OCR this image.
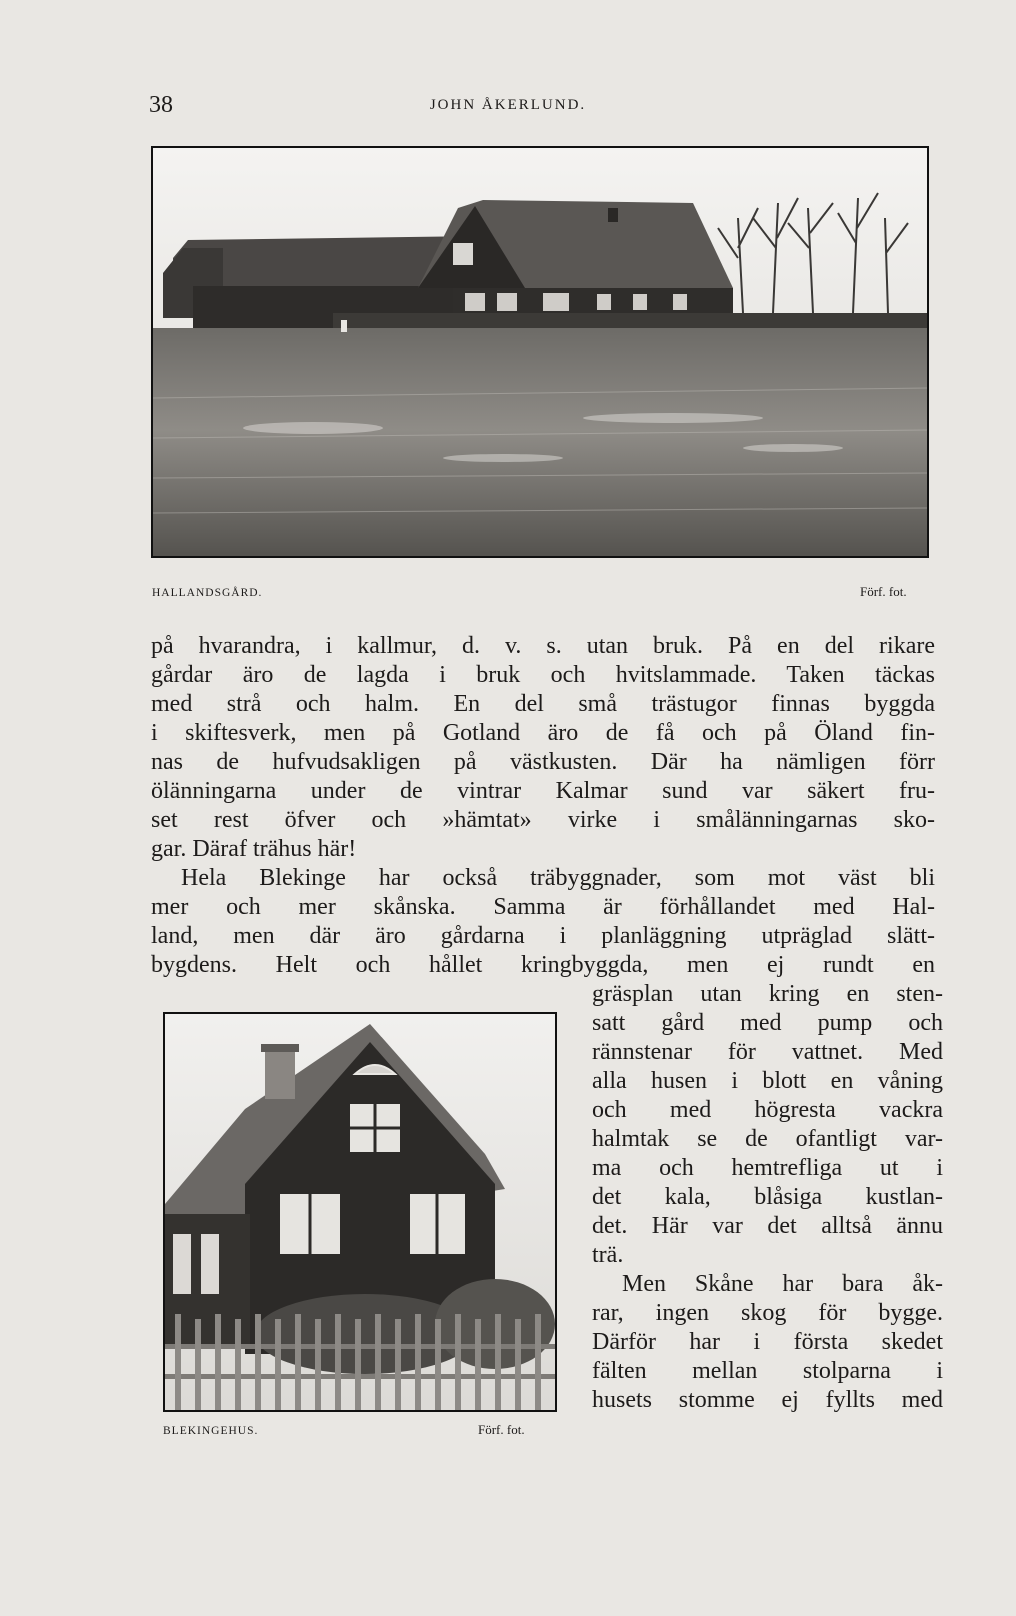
38	JOHN ÅKERLUND.
HALLANDSGÅRD.	Förf. fot.
på hvarandra, i kallmur, d. v. s. utan bruk. På en del rikare
gårdar äro de lagda i bruk och hvitslammade. Taken täckas
med strå och halm. En del små trästugor finnas byggda
i skiftesverk, men på Gotland äro de få och på Öland fin-
nas de hufvudsakligen på västkusten. Där ha nämligen förr
ölänningarna under de vintrar Kalmar sund var säkert fru-
set rest öfver och »hämtat» virke i smålänningarnas sko-
gar. Däraf trähus här!
Hela Blekinge har också träbyggnader, som mot väst bli
mer och mer skånska. Samma är förhållandet med Hal-
land, men där äro gårdarna i planläggning utpräglad slätt-
bygdens. Helt och hållet kringbyggda, men ej rundt en
gräsplan utan kring en sten-
satt gård med pump och
rännstenar för vattnet. Med
alla husen i blott en våning
och med högresta vackra
halmtak se de ofantligt var-
ma och hemtrefliga ut i
det kala, blåsiga kustlan-
det. Här var det alltså ännu
trä.
Men Skåne har bara åk-
rar, ingen skog för bygge.
Därför har i första skedet
fälten mellan stolparna i
husets stomme ej fyllts med
BLEKINGEHUS.	Förf. fot.
